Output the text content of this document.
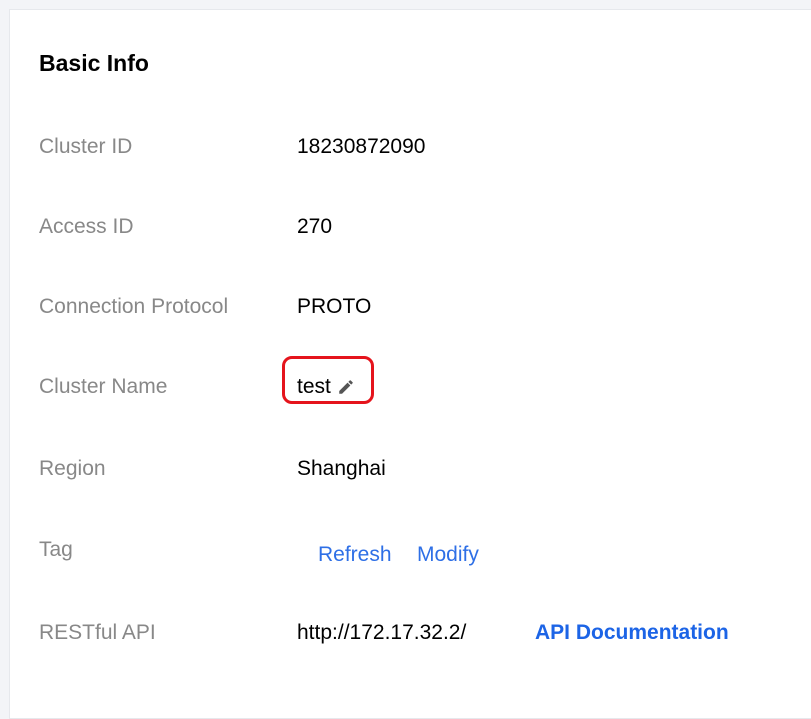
Basic Info
Cluster ID	18230872090
Access ID	270
Connection Protocol	PROTO
Cluster Name	test
Region	Shanghai
Tag	Refresh Modify
RESTful API	http://172.17.32.2/	API Documentation
